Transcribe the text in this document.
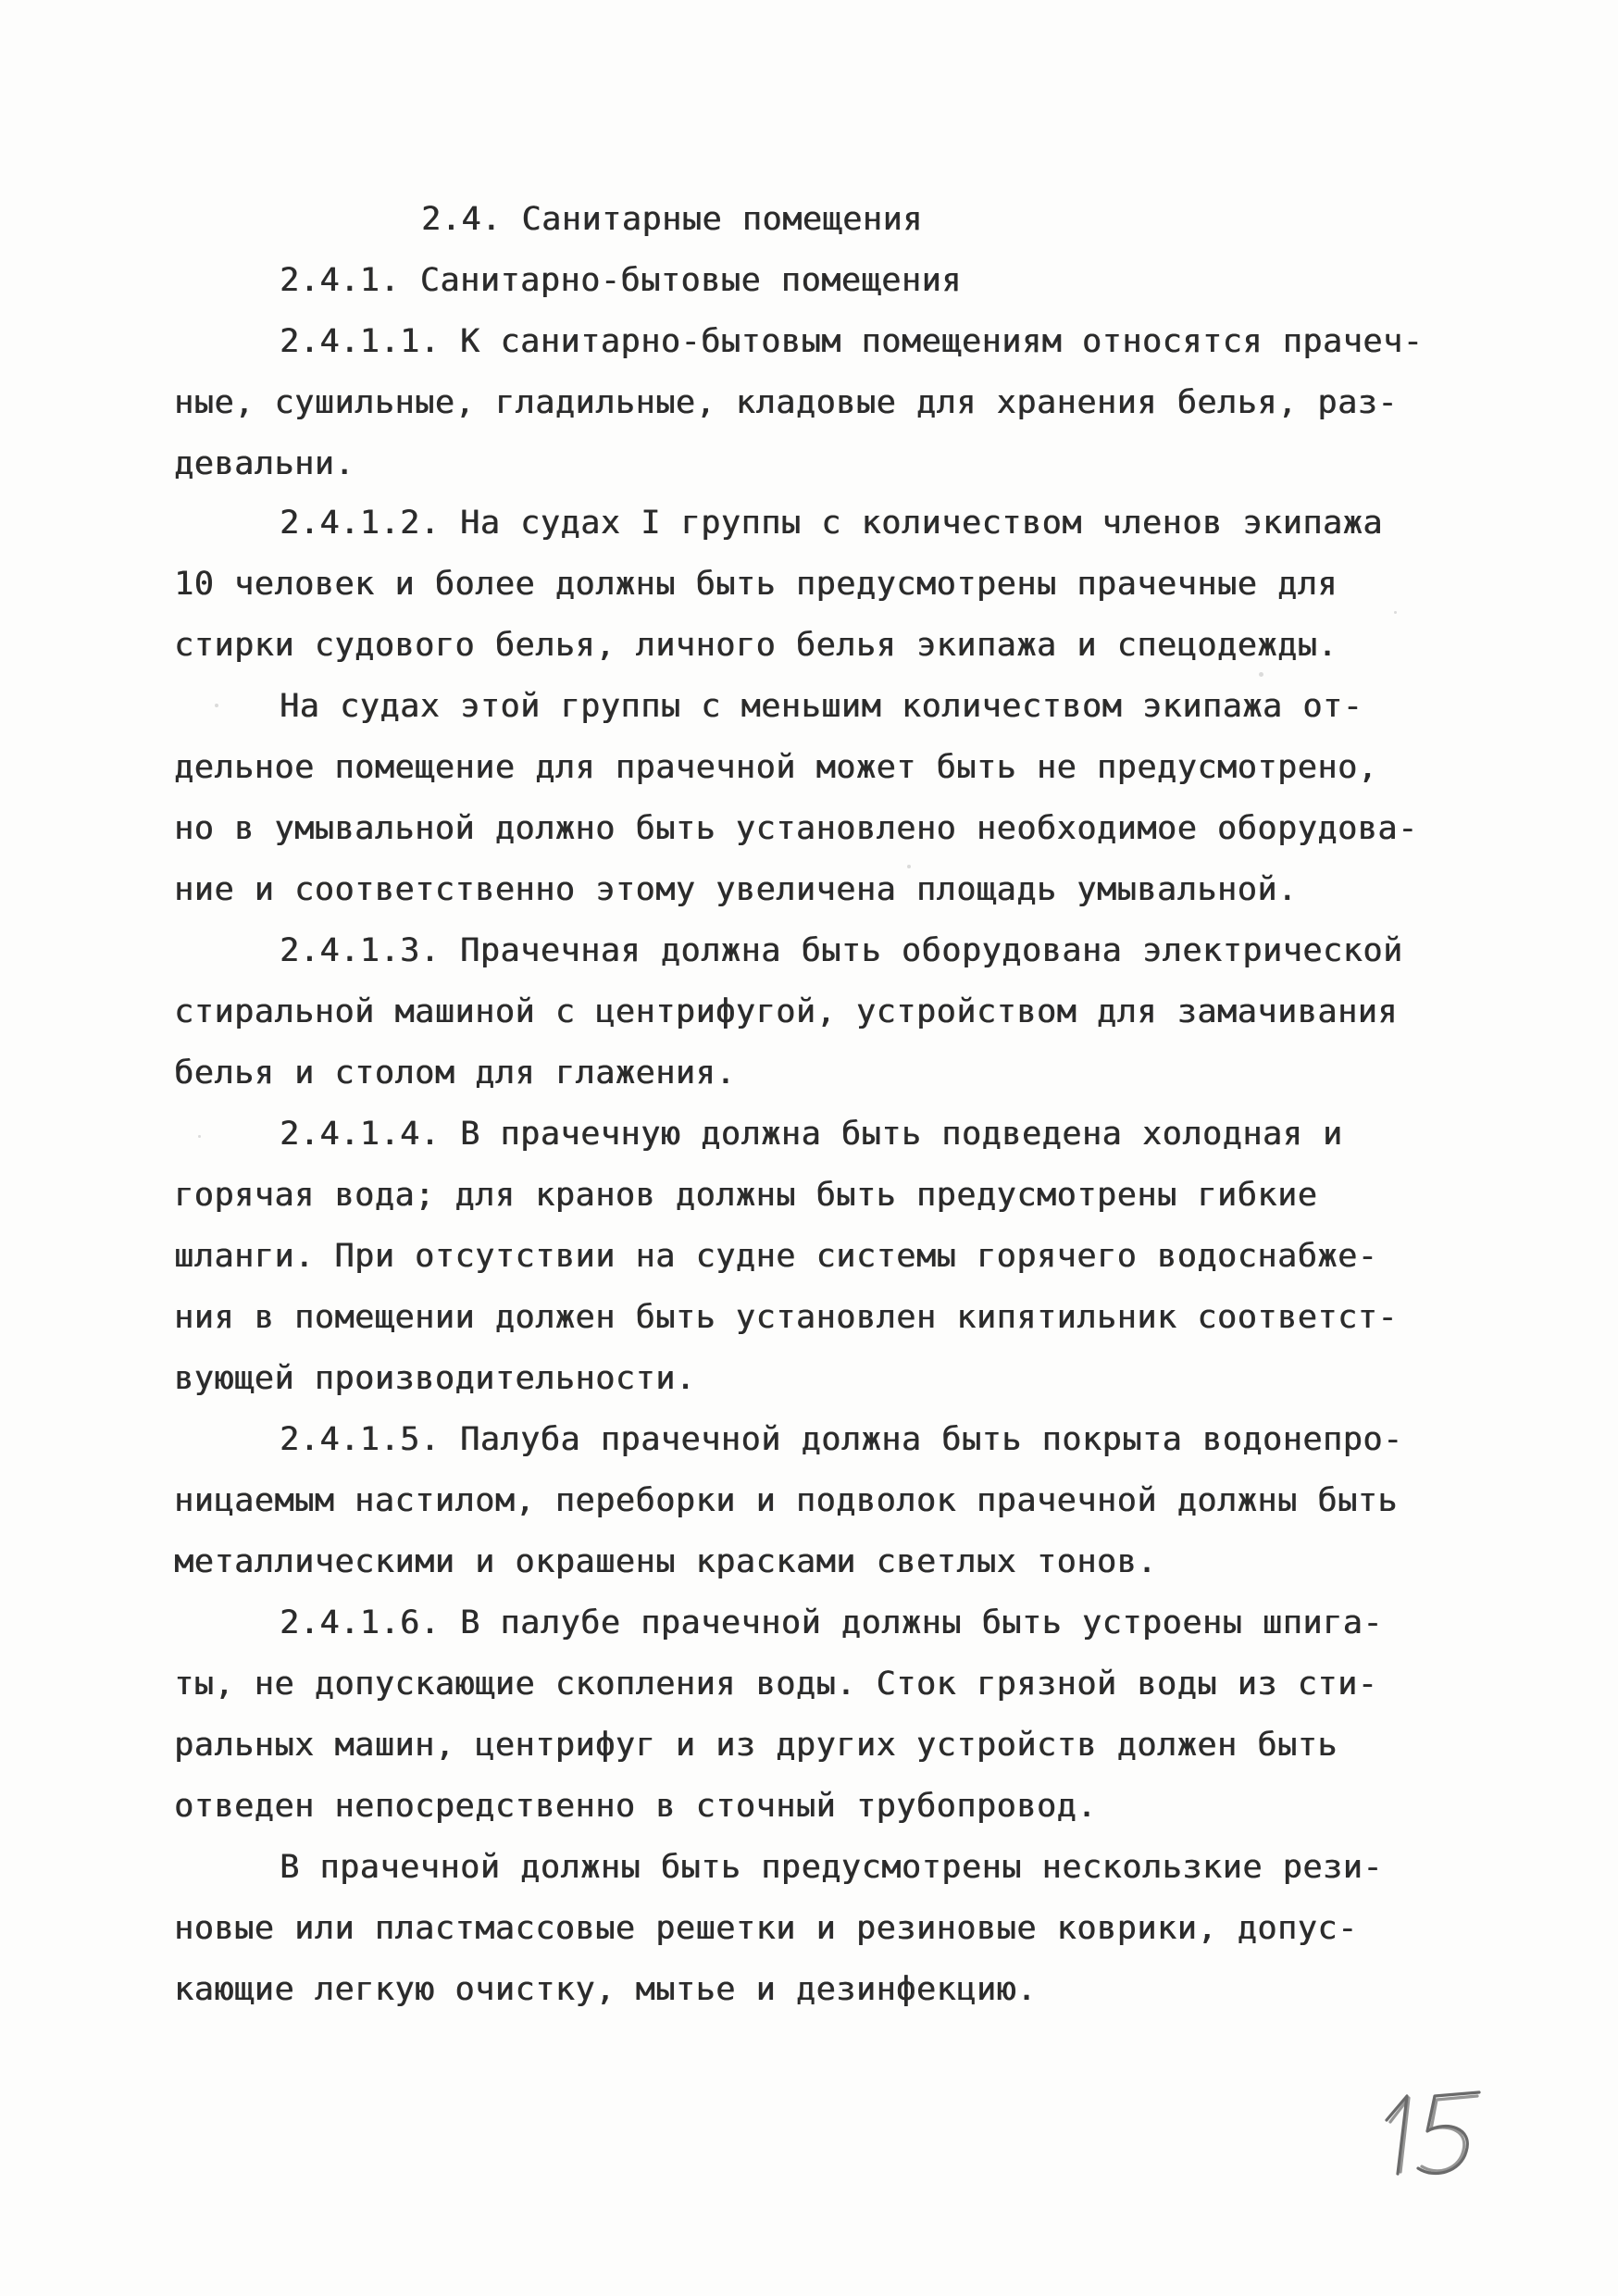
2.4. Санитарные помещения
2.4.1. Санитарно-бытовые помещения
2.4.1.1. К санитарно-бытовым помещениям относятся прачеч-
ные, сушильные, гладильные, кладовые для хранения белья, раз-
девальни.
2.4.1.2. На судах I группы с количеством членов экипажа
10 человек и более должны быть предусмотрены прачечные для
стирки судового белья, личного белья экипажа и спецодежды.
На судах этой группы с меньшим количеством экипажа от-
дельное помещение для прачечной может быть не предусмотрено,
но в умывальной должно быть установлено необходимое оборудова-
ние и соответственно этому увеличена площадь умывальной.
2.4.1.3. Прачечная должна быть оборудована электрической
стиральной машиной с центрифугой, устройством для замачивания
белья и столом для глажения.
2.4.1.4. В прачечную должна быть подведена холодная и
горячая вода; для кранов должны быть предусмотрены гибкие
шланги. При отсутствии на судне системы горячего водоснабже-
ния в помещении должен быть установлен кипятильник соответст-
вующей производительности.
2.4.1.5. Палуба прачечной должна быть покрыта водонепро-
ницаемым настилом, переборки и подволок прачечной должны быть
металлическими и окрашены красками светлых тонов.
2.4.1.6. В палубе прачечной должны быть устроены шпига-
ты, не допускающие скопления воды. Сток грязной воды из сти-
ральных машин, центрифуг и из других устройств должен быть
отведен непосредственно в сточный трубопровод.
В прачечной должны быть предусмотрены нескользкие рези-
новые или пластмассовые решетки и резиновые коврики, допус-
кающие легкую очистку, мытье и дезинфекцию.
